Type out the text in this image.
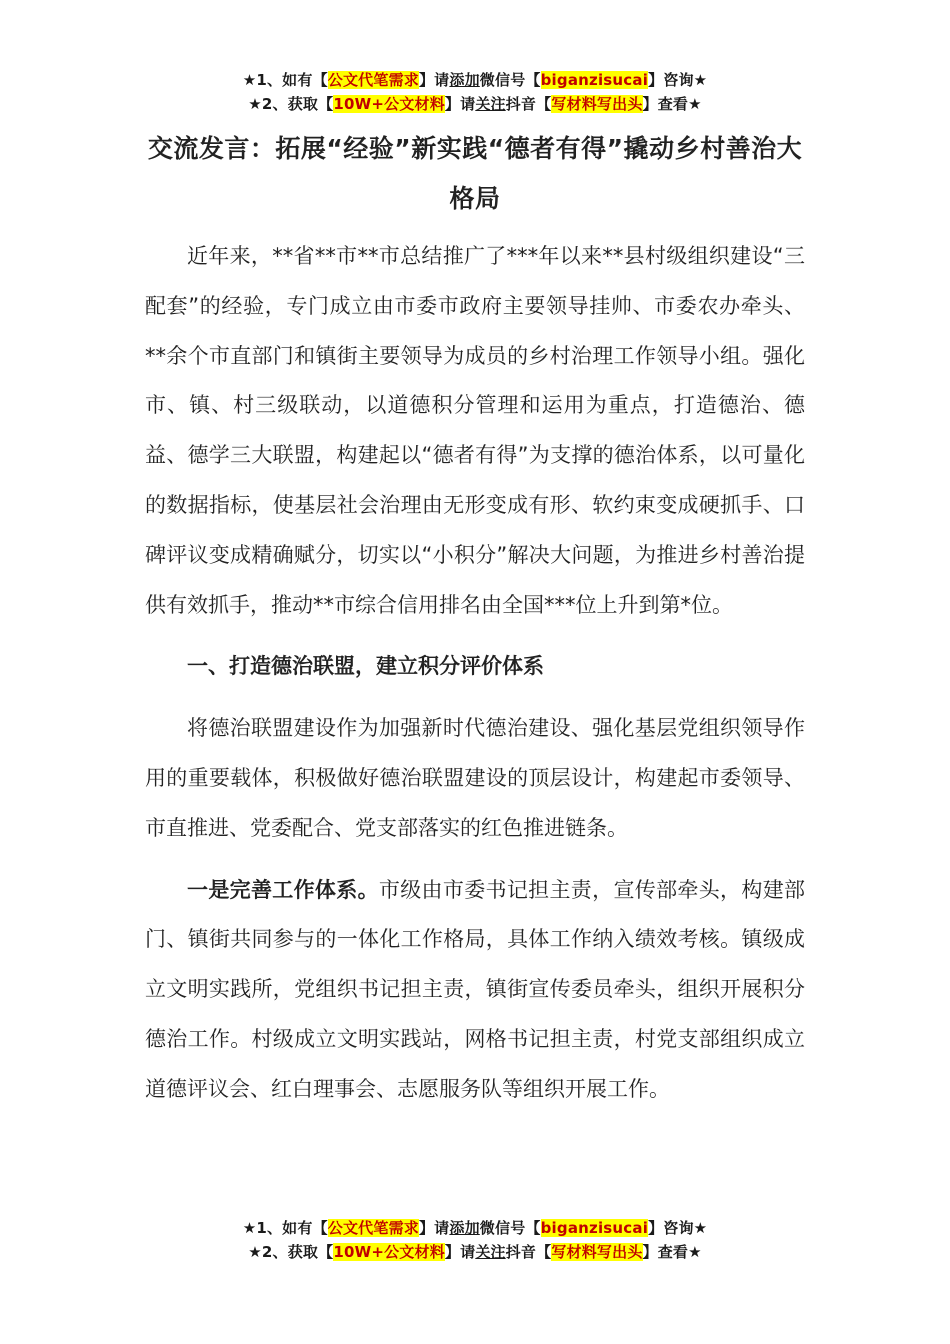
★1、如有【公文代笔需求】请添加微信号【biganzisucai】咨询★
★2、获取【10W+公文材料】请关注抖音【写材料写出头】查看★
交流发言：拓展“经验”新实践“德者有得”撬动乡村善治大格局

近年来，**省**市**市总结推广了***年以来**县村级组织建设“三配套”的经验，专门成立由市委市政府主要领导挂帅、市委农办牵头、**余个市直部门和镇街主要领导为成员的乡村治理工作领导小组。强化市、镇、村三级联动，以道德积分管理和运用为重点，打造德治、德益、德学三大联盟，构建起以“德者有得”为支撑的德治体系，以可量化的数据指标，使基层社会治理由无形变成有形、软约束变成硬抓手、口碑评议变成精确赋分，切实以“小积分”解决大问题，为推进乡村善治提供有效抓手，推动**市综合信用排名由全国***位上升到第*位。

一、打造德治联盟，建立积分评价体系

将德治联盟建设作为加强新时代德治建设、强化基层党组织领导作用的重要载体，积极做好德治联盟建设的顶层设计，构建起市委领导、市直推进、党委配合、党支部落实的红色推进链条。

一是完善工作体系。市级由市委书记担主责，宣传部牵头，构建部门、镇街共同参与的一体化工作格局，具体工作纳入绩效考核。镇级成立文明实践所，党组织书记担主责，镇街宣传委员牵头，组织开展积分德治工作。村级成立文明实践站，网格书记担主责，村党支部组织成立道德评议会、红白理事会、志愿服务队等组织开展工作。

★1、如有【公文代笔需求】请添加微信号【biganzisucai】咨询★
★2、获取【10W+公文材料】请关注抖音【写材料写出头】查看★
